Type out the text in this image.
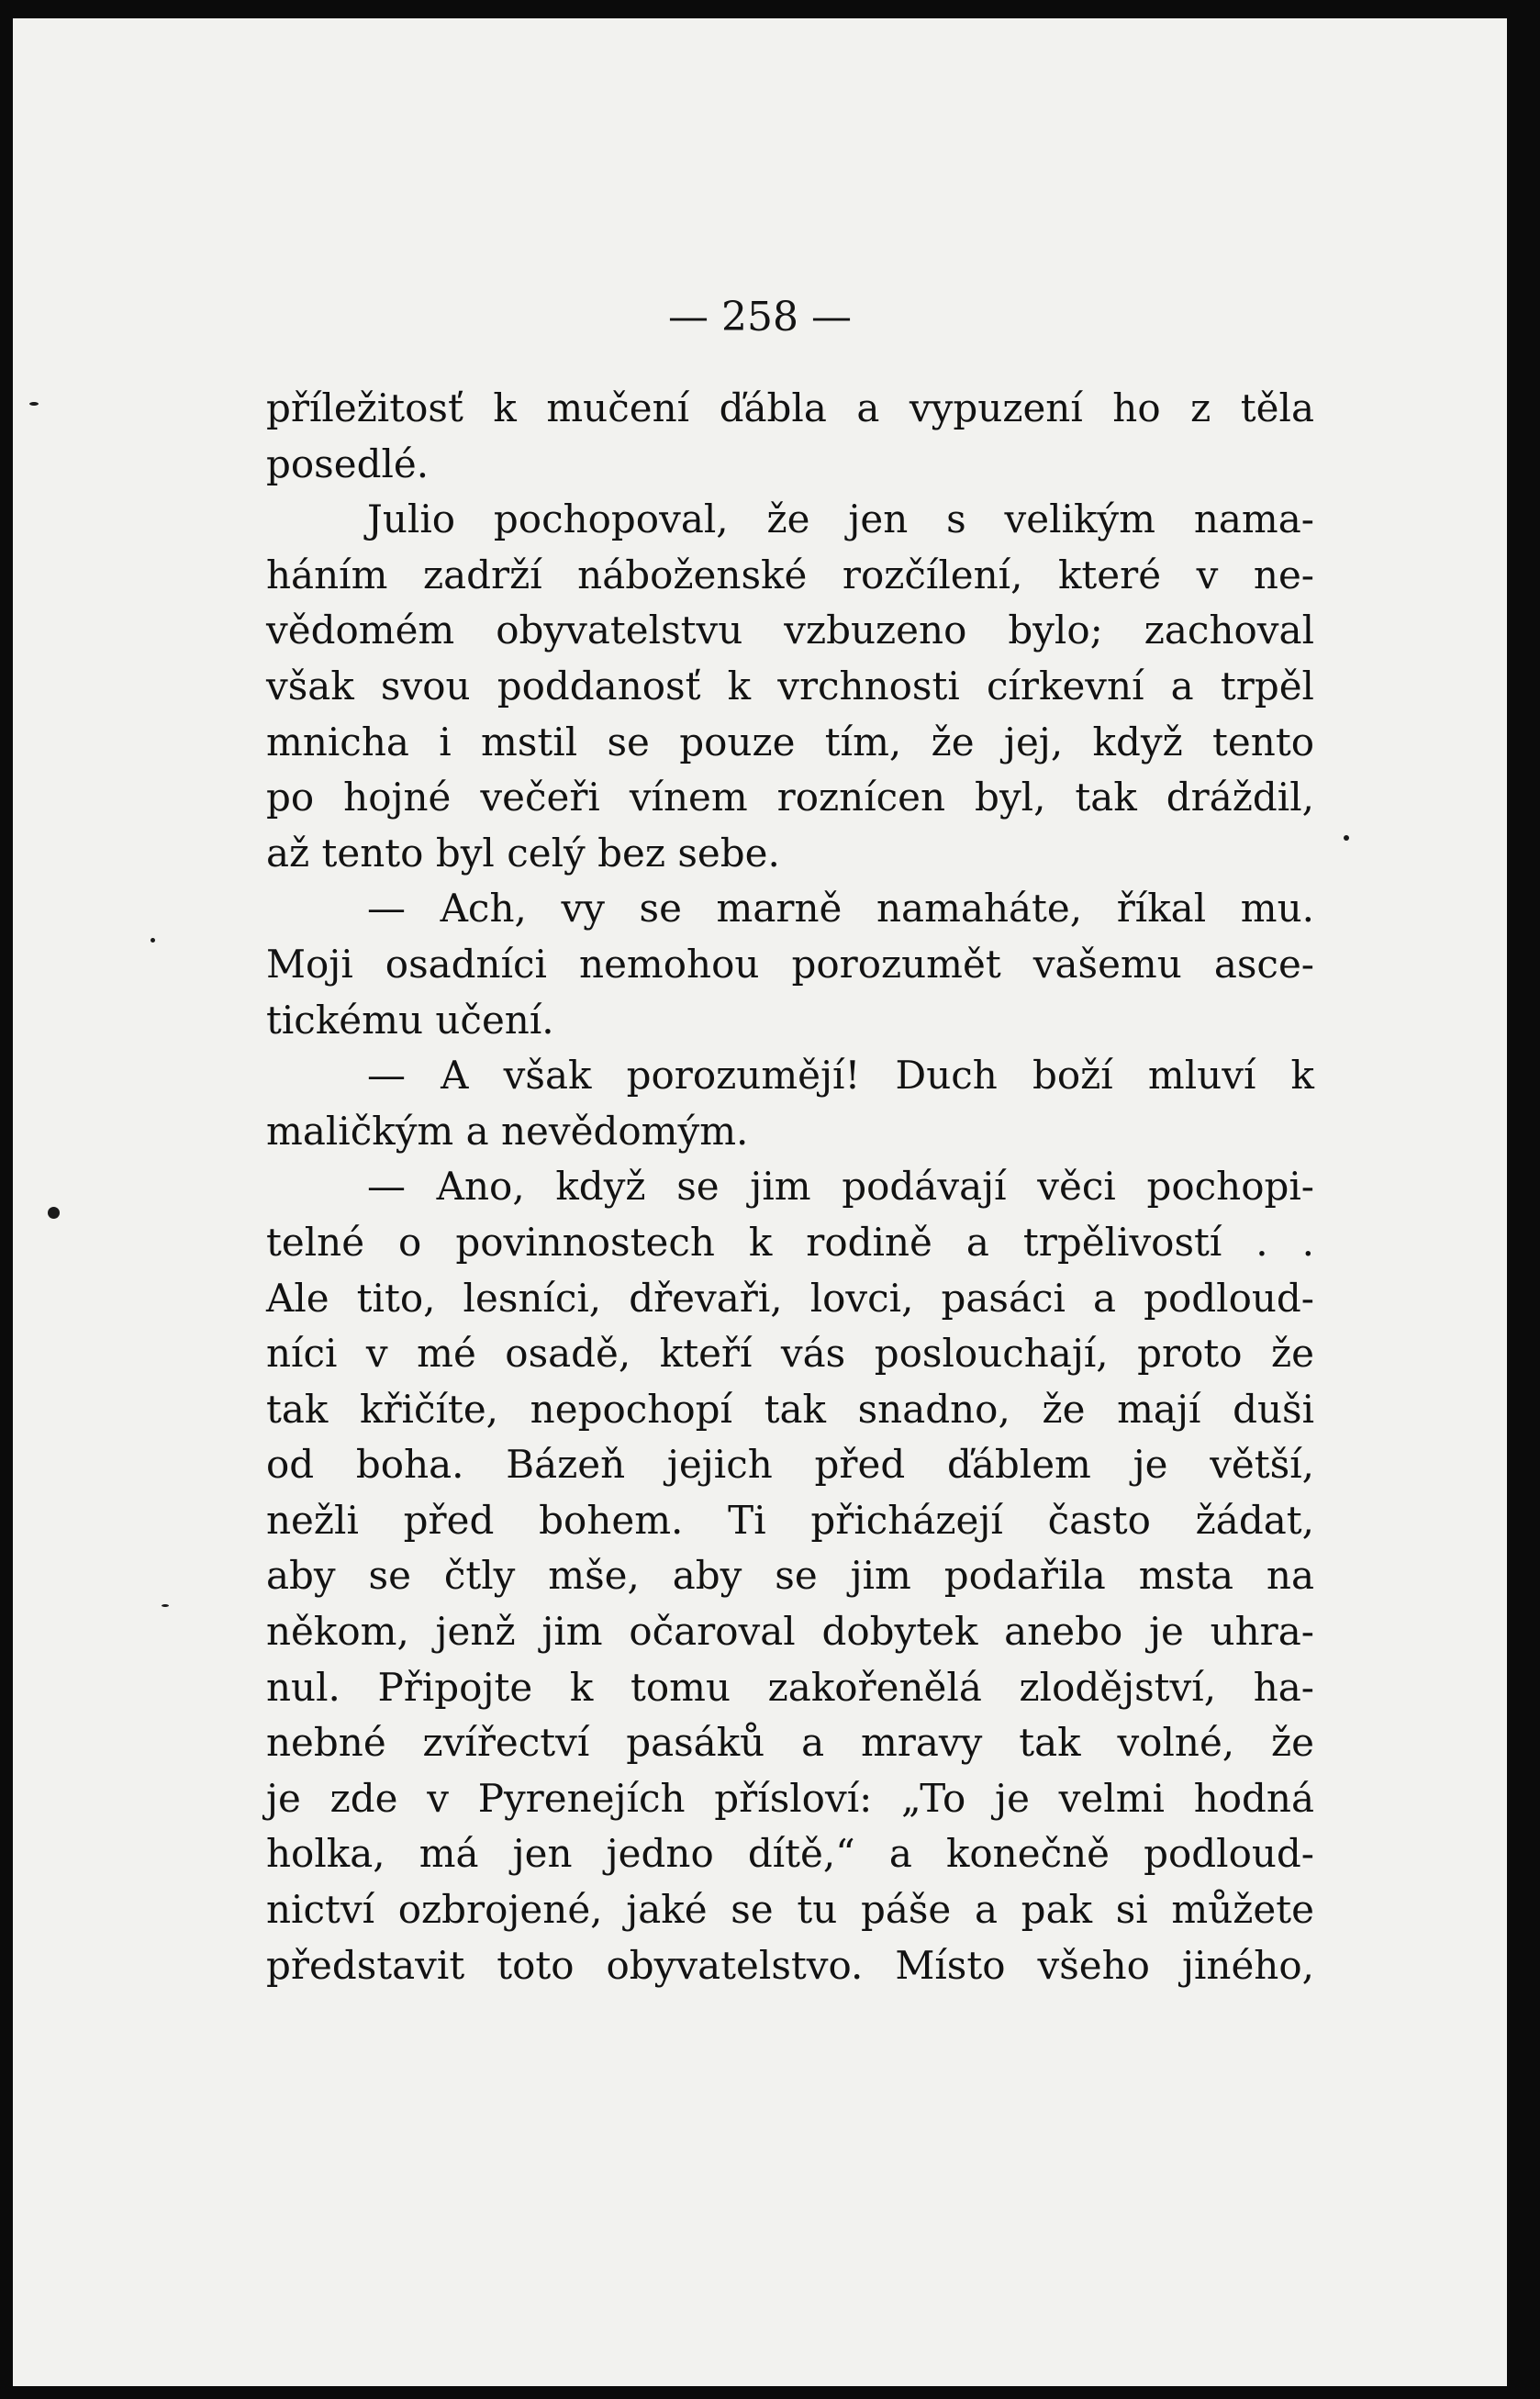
— 258 —
příležitosť k mučení ďábla a vypuzení ho z těla
posedlé.
Julio pochopoval, že jen s velikým nama-
háním zadrží náboženské rozčílení, které v ne-
vědomém obyvatelstvu vzbuzeno bylo; zachoval
však svou poddanosť k vrchnosti církevní a trpěl
mnicha i mstil se pouze tím, že jej, když tento
po hojné večeři vínem roznícen byl, tak dráždil,
až tento byl celý bez sebe.
— Ach, vy se marně namaháte, říkal mu.
Moji osadníci nemohou porozumět vašemu asce-
tickému učení.
— A však porozumějí! Duch boží mluví k
maličkým a nevědomým.
— Ano, když se jim podávají věci pochopi-
telné o povinnostech k rodině a trpělivostí . .
Ale tito, lesníci, dřevaři, lovci, pasáci a podloud-
níci v mé osadě, kteří vás poslouchají, proto že
tak křičíte, nepochopí tak snadno, že mají duši
od boha. Bázeň jejich před ďáblem je větší,
nežli před bohem. Ti přicházejí často žádat,
aby se čtly mše, aby se jim podařila msta na
někom, jenž jim očaroval dobytek anebo je uhra-
nul. Připojte k tomu zakořenělá zlodějství, ha-
nebné zvířectví pasáků a mravy tak volné, že
je zde v Pyrenejích přísloví: „To je velmi hodná
holka, má jen jedno dítě,“ a konečně podloud-
nictví ozbrojené, jaké se tu páše a pak si můžete
představit toto obyvatelstvo. Místo všeho jiného,
